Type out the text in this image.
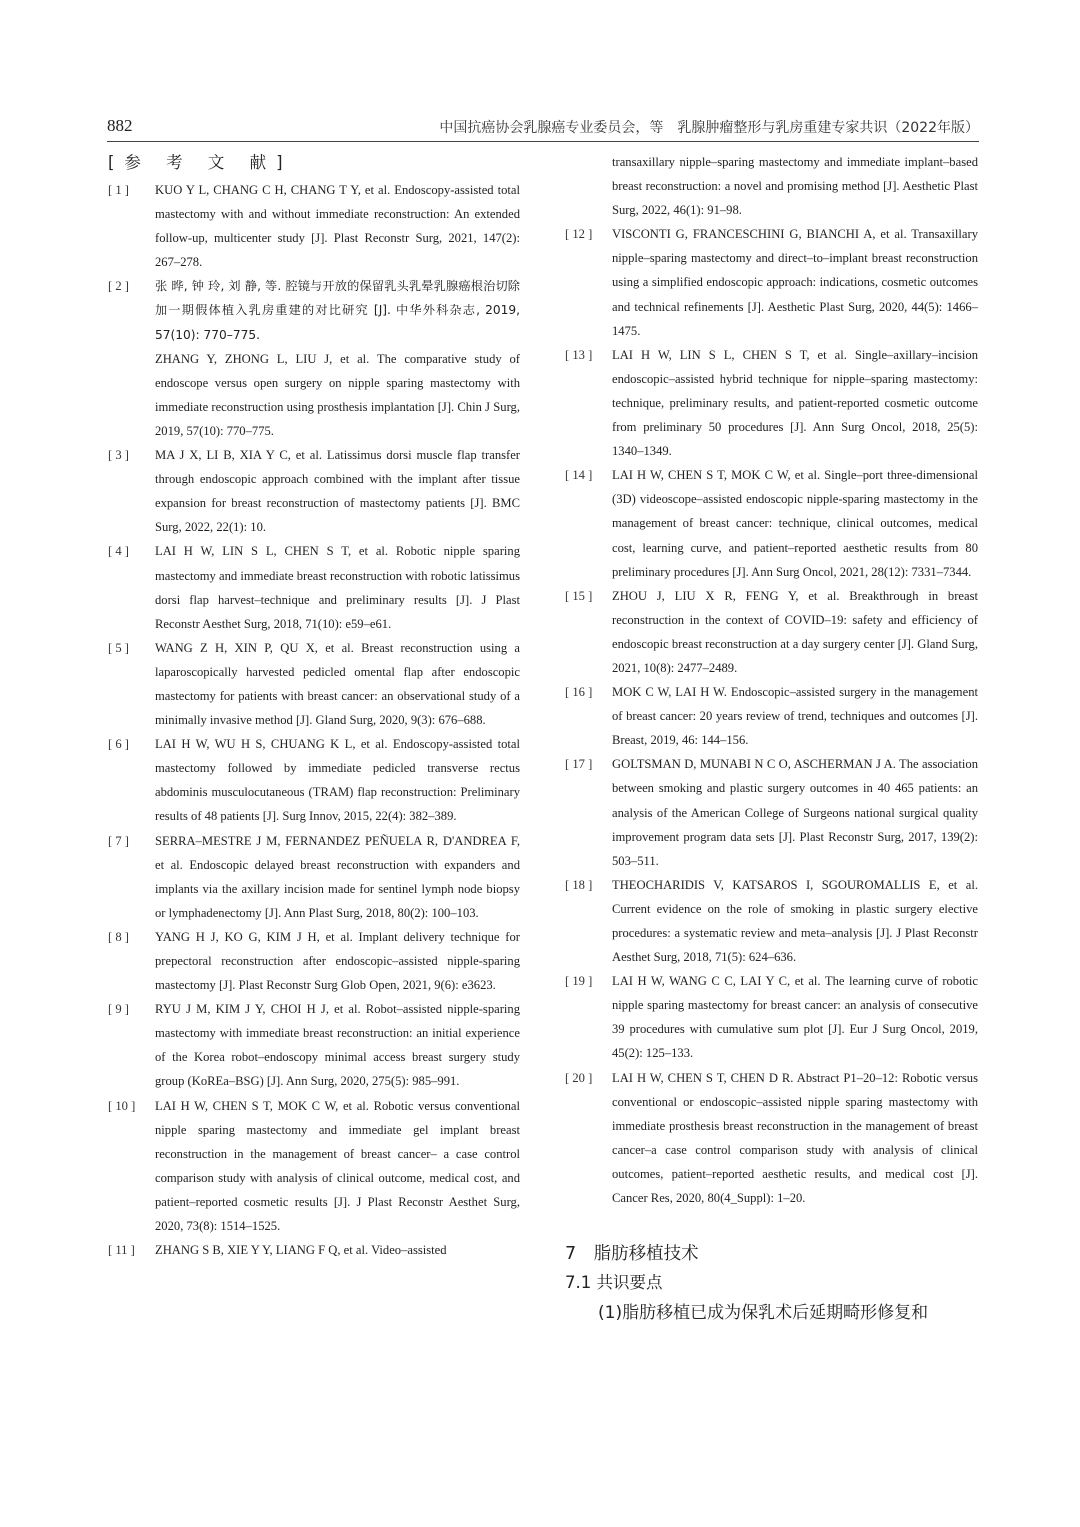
882	中国抗癌协会乳腺癌专业委员会，等　乳腺肿瘤整形与乳房重建专家共识（2022年版）
[参 考 文 献]
[ 1 ]	KUO Y L, CHANG C H, CHANG T Y, et al. Endoscopy-assisted total mastectomy with and without immediate reconstruction: An extended follow-up, multicenter study [J]. Plast Reconstr Surg, 2021, 147(2): 267–278.
[ 2 ]	张 晔, 钟 玲, 刘 静, 等. 腔镜与开放的保留乳头乳晕乳腺癌根治切除加一期假体植入乳房重建的对比研究 [J]. 中华外科杂志, 2019, 57(10): 770–775.
ZHANG Y, ZHONG L, LIU J, et al. The comparative study of endoscope versus open surgery on nipple sparing mastectomy with immediate reconstruction using prosthesis implantation [J]. Chin J Surg, 2019, 57(10): 770–775.
[ 3 ]	MA J X, LI B, XIA Y C, et al. Latissimus dorsi muscle flap transfer through endoscopic approach combined with the implant after tissue expansion for breast reconstruction of mastectomy patients [J]. BMC Surg, 2022, 22(1): 10.
[ 4 ]	LAI H W, LIN S L, CHEN S T, et al. Robotic nipple sparing mastectomy and immediate breast reconstruction with robotic latissimus dorsi flap harvest–technique and preliminary results [J]. J Plast Reconstr Aesthet Surg, 2018, 71(10): e59–e61.
[ 5 ]	WANG Z H, XIN P, QU X, et al. Breast reconstruction using a laparoscopically harvested pedicled omental flap after endoscopic mastectomy for patients with breast cancer: an observational study of a minimally invasive method [J]. Gland Surg, 2020, 9(3): 676–688.
[ 6 ]	LAI H W, WU H S, CHUANG K L, et al. Endoscopy-assisted total mastectomy followed by immediate pedicled transverse rectus abdominis musculocutaneous (TRAM) flap reconstruction: Preliminary results of 48 patients [J]. Surg Innov, 2015, 22(4): 382–389.
[ 7 ]	SERRA–MESTRE J M, FERNANDEZ PEÑUELA R, D'ANDREA F, et al. Endoscopic delayed breast reconstruction with expanders and implants via the axillary incision made for sentinel lymph node biopsy or lymphadenectomy [J]. Ann Plast Surg, 2018, 80(2): 100–103.
[ 8 ]	YANG H J, KO G, KIM J H, et al. Implant delivery technique for prepectoral reconstruction after endoscopic–assisted nipple-sparing mastectomy [J]. Plast Reconstr Surg Glob Open, 2021, 9(6): e3623.
[ 9 ]	RYU J M, KIM J Y, CHOI H J, et al. Robot–assisted nipple-sparing mastectomy with immediate breast reconstruction: an initial experience of the Korea robot–endoscopy minimal access breast surgery study group (KoREa–BSG) [J]. Ann Surg, 2020, 275(5): 985–991.
[ 10 ]	LAI H W, CHEN S T, MOK C W, et al. Robotic versus conventional nipple sparing mastectomy and immediate gel implant breast reconstruction in the management of breast cancer– a case control comparison study with analysis of clinical outcome, medical cost, and patient–reported cosmetic results [J]. J Plast Reconstr Aesthet Surg, 2020, 73(8): 1514–1525.
[ 11 ]	ZHANG S B, XIE Y Y, LIANG F Q, et al. Video–assisted
transaxillary nipple–sparing mastectomy and immediate implant–based breast reconstruction: a novel and promising method [J]. Aesthetic Plast Surg, 2022, 46(1): 91–98.
[ 12 ]	VISCONTI G, FRANCESCHINI G, BIANCHI A, et al. Transaxillary nipple–sparing mastectomy and direct–to–implant breast reconstruction using a simplified endoscopic approach: indications, cosmetic outcomes and technical refinements [J]. Aesthetic Plast Surg, 2020, 44(5): 1466–1475.
[ 13 ]	LAI H W, LIN S L, CHEN S T, et al. Single–axillary–incision endoscopic–assisted hybrid technique for nipple–sparing mastectomy: technique, preliminary results, and patient-reported cosmetic outcome from preliminary 50 procedures [J]. Ann Surg Oncol, 2018, 25(5): 1340–1349.
[ 14 ]	LAI H W, CHEN S T, MOK C W, et al. Single–port three-dimensional (3D) videoscope–assisted endoscopic nipple-sparing mastectomy in the management of breast cancer: technique, clinical outcomes, medical cost, learning curve, and patient–reported aesthetic results from 80 preliminary procedures [J]. Ann Surg Oncol, 2021, 28(12): 7331–7344.
[ 15 ]	ZHOU J, LIU X R, FENG Y, et al. Breakthrough in breast reconstruction in the context of COVID–19: safety and efficiency of endoscopic breast reconstruction at a day surgery center [J]. Gland Surg, 2021, 10(8): 2477–2489.
[ 16 ]	MOK C W, LAI H W. Endoscopic–assisted surgery in the management of breast cancer: 20 years review of trend, techniques and outcomes [J]. Breast, 2019, 46: 144–156.
[ 17 ]	GOLTSMAN D, MUNABI N C O, ASCHERMAN J A. The association between smoking and plastic surgery outcomes in 40 465 patients: an analysis of the American College of Surgeons national surgical quality improvement program data sets [J]. Plast Reconstr Surg, 2017, 139(2): 503–511.
[ 18 ]	THEOCHARIDIS V, KATSAROS I, SGOUROMALLIS E, et al. Current evidence on the role of smoking in plastic surgery elective procedures: a systematic review and meta–analysis [J]. J Plast Reconstr Aesthet Surg, 2018, 71(5): 624–636.
[ 19 ]	LAI H W, WANG C C, LAI Y C, et al. The learning curve of robotic nipple sparing mastectomy for breast cancer: an analysis of consecutive 39 procedures with cumulative sum plot [J]. Eur J Surg Oncol, 2019, 45(2): 125–133.
[ 20 ]	LAI H W, CHEN S T, CHEN D R. Abstract P1–20–12: Robotic versus conventional or endoscopic–assisted nipple sparing mastectomy with immediate prosthesis breast reconstruction in the management of breast cancer–a case control comparison study with analysis of clinical outcomes, patient–reported aesthetic results, and medical cost [J]. Cancer Res, 2020, 80(4_Suppl): 1–20.
7　脂肪移植技术
7.1 共识要点
(1)脂肪移植已成为保乳术后延期畸形修复和
